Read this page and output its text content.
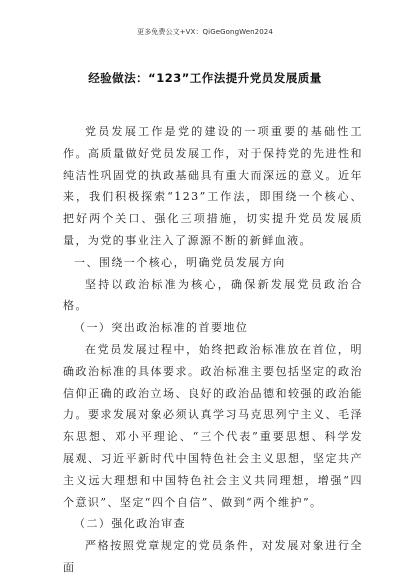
更多免费公文+VX：QiGeGongWen2024
经验做法：“123”工作法提升党员发展质量

党员发展工作是党的建设的一项重要的基础性工作。高质量做好党员发展工作，对于保持党的先进性和纯洁性巩固党的执政基础具有重大而深远的意义。近年来，我们积极探索“123”工作法，即围绕一个核心、把好两个关口、强化三项措施，切实提升党员发展质量，为党的事业注入了源源不断的新鲜血液。

一、围绕一个核心，明确党员发展方向

坚持以政治标准为核心，确保新发展党员政治合格。

（一）突出政治标准的首要地位

在党员发展过程中，始终把政治标准放在首位，明确政治标准的具体要求。政治标准主要包括坚定的政治信仰正确的政治立场、良好的政治品德和较强的政治能力。要求发展对象必须认真学习马克思列宁主义、毛泽东思想、邓小平理论、“三个代表”重要思想、科学发展观、习近平新时代中国特色社会主义思想，坚定共产主义远大理想和中国特色社会主义共同理想，增强“四个意识”、坚定“四个自信”、做到“两个维护”。

（二）强化政治审查

严格按照党章规定的党员条件，对发展对象进行全面
